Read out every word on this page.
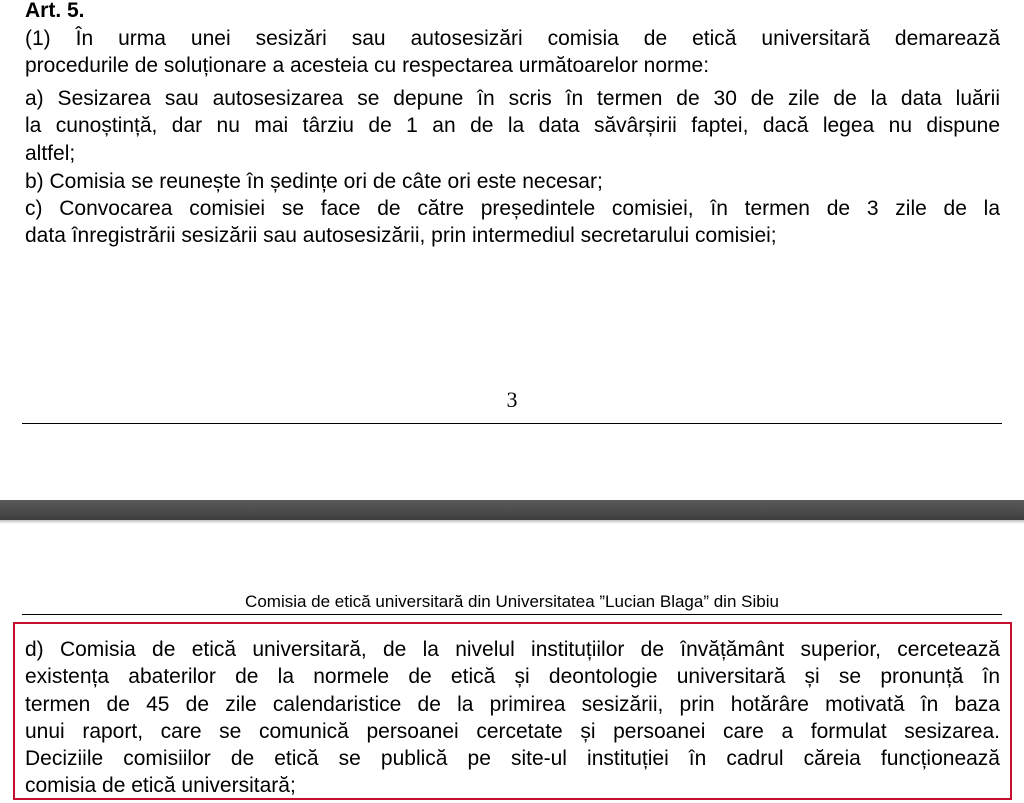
Art. 5.
(1) În urma unei sesizări sau autosesizări comisia de etică universitară demarează
procedurile de soluționare a acesteia cu respectarea următoarelor norme:
a) Sesizarea sau autosesizarea se depune în scris în termen de 30 de zile de la data luării
la cunoștință, dar nu mai târziu de 1 an de la data săvârșirii faptei, dacă legea nu dispune
altfel;
b) Comisia se reunește în ședințe ori de câte ori este necesar;
c) Convocarea comisiei se face de către președintele comisiei, în termen de 3 zile de la
data înregistrării sesizării sau autosesizării, prin intermediul secretarului comisiei;
3
Comisia de etică universitară din Universitatea ”Lucian Blaga” din Sibiu
d) Comisia de etică universitară, de la nivelul instituțiilor de învățământ superior, cercetează
existența abaterilor de la normele de etică și deontologie universitară și se pronunță în
termen de 45 de zile calendaristice de la primirea sesizării, prin hotărâre motivată în baza
unui raport, care se comunică persoanei cercetate și persoanei care a formulat sesizarea.
Deciziile comisiilor de etică se publică pe site-ul instituției în cadrul căreia funcționează
comisia de etică universitară;
